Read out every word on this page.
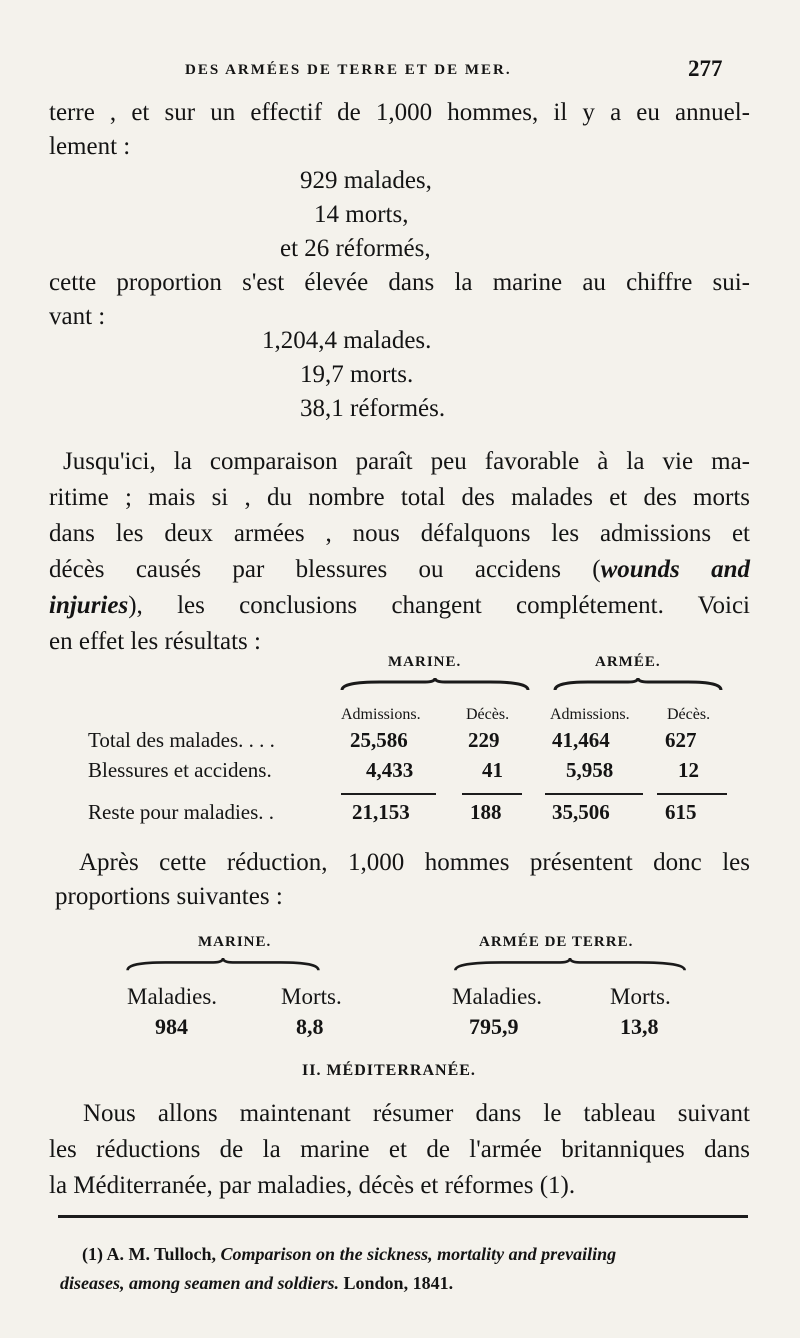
DES ARMÉES DE TERRE ET DE MER.	277
terre , et sur un effectif de 1,000 hommes, il y a eu annuel-
lement :
929 malades,
14 morts,
et 26 réformés,
cette proportion s'est élevée dans la marine au chiffre sui-
vant :
1,204,4 malades.
19,7 morts.
38,1 réformés.
Jusqu'ici, la comparaison paraît peu favorable à la vie ma-
ritime ; mais si , du nombre total des malades et des morts
dans les deux armées , nous défalquons les admissions et
décès causés par blessures ou accidens (wounds and
injuries), les conclusions changent complétement. Voici
en effet les résultats :
MARINE.	ARMÉE.
Admissions.	Décès.	Admissions. Décès.
Total des malades. . . .	25,586	229	41,464	627
Blessures et accidens.	4,433	41	5,958	12
Reste pour maladies. .	21,153	188 35,506	615
Après cette réduction, 1,000 hommes présentent donc les
proportions suivantes :
MARINE.	ARMÉE DE TERRE.
Maladies.	Morts.	Maladies.	Morts.
984	8,8	795,9	13,8
II. MÉDITERRANÉE.
Nous allons maintenant résumer dans le tableau suivant
les réductions de la marine et de l'armée britanniques dans
la Méditerranée, par maladies, décès et réformes (1).
(1) A. M. Tulloch, Comparison on the sickness, mortality and prevailing
diseases, among seamen and soldiers. London, 1841.
